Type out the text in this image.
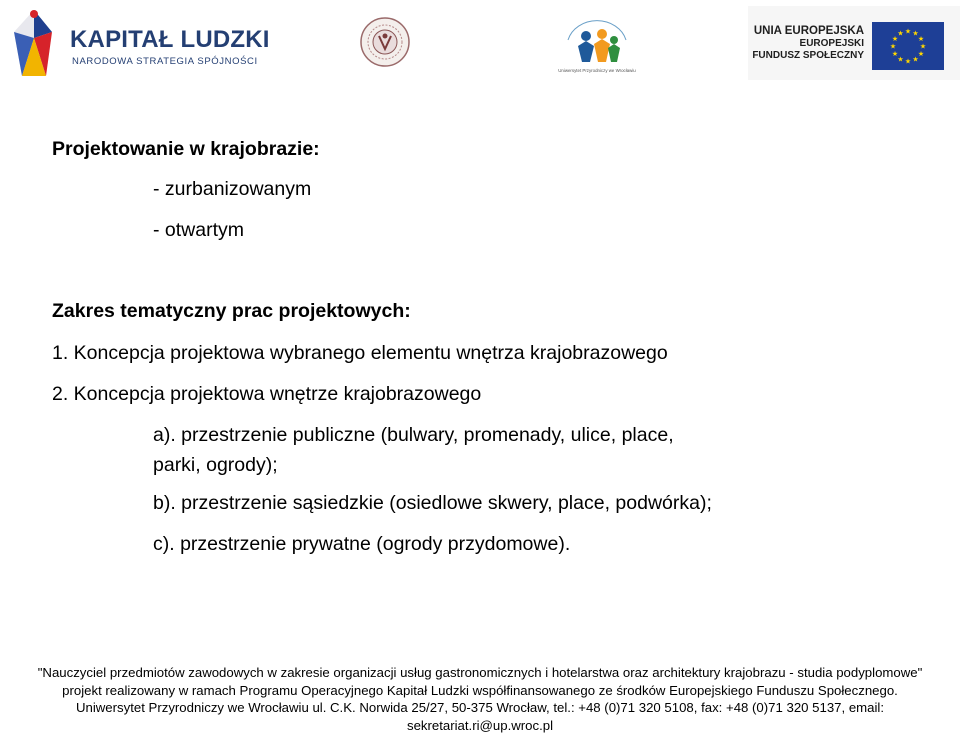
KAPITAŁ LUDZKI
NARODOWA STRATEGIA SPÓJNOŚCI
Uniwersytet Przyrodniczy we Wrocławiu
UNIA EUROPEJSKA
EUROPEJSKI
FUNDUSZ SPOŁECZNY
★
★
★
★
★
★
★
★
★ ★ ★
★
Projektowanie w krajobrazie:
- zurbanizowanym
- otwartym
Zakres tematyczny prac projektowych:
1. Koncepcja projektowa wybranego elementu wnętrza krajobrazowego
2. Koncepcja projektowa wnętrze krajobrazowego
a). przestrzenie publiczne (bulwary, promenady, ulice, place,
parki, ogrody);
b). przestrzenie sąsiedzkie (osiedlowe skwery, place, podwórka);
c). przestrzenie prywatne (ogrody przydomowe).
"Nauczyciel przedmiotów zawodowych w zakresie organizacji usług gastronomicznych i hotelarstwa oraz architektury krajobrazu - studia podyplomowe"
projekt realizowany w ramach Programu Operacyjnego Kapitał Ludzki współfinansowanego ze środków Europejskiego Funduszu Społecznego.
Uniwersytet Przyrodniczy we Wrocławiu ul. C.K. Norwida 25/27, 50-375 Wrocław, tel.: +48 (0)71 320 5108, fax: +48 (0)71 320 5137, email:
sekretariat.ri@up.wroc.pl
